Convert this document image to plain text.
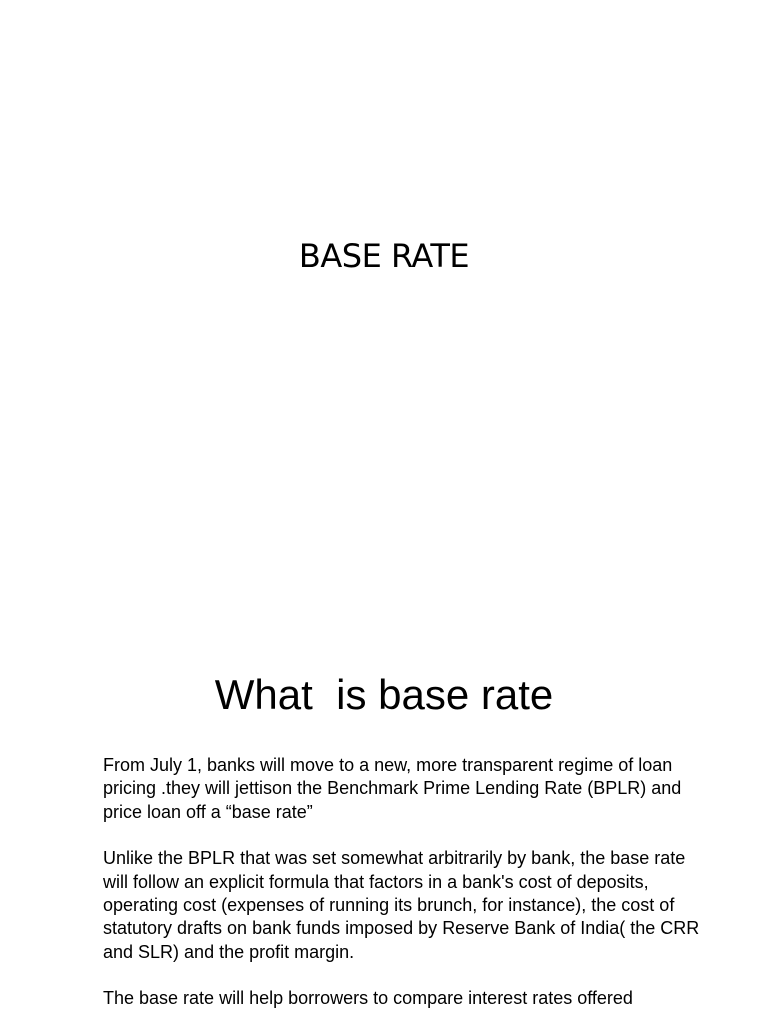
BASE RATE
What  is base rate

From July 1, banks will move to a new, more transparent regime of loan pricing .they will jettison the Benchmark Prime Lending Rate (BPLR) and price loan off a “base rate”

Unlike the BPLR that was set somewhat arbitrarily by bank, the base rate will follow an explicit formula that factors in a bank's cost of deposits, operating cost (expenses of running its brunch, for instance), the cost of statutory drafts on bank funds imposed by Reserve Bank of India( the CRR and SLR) and the profit margin.

The base rate will help borrowers to compare interest rates offered
